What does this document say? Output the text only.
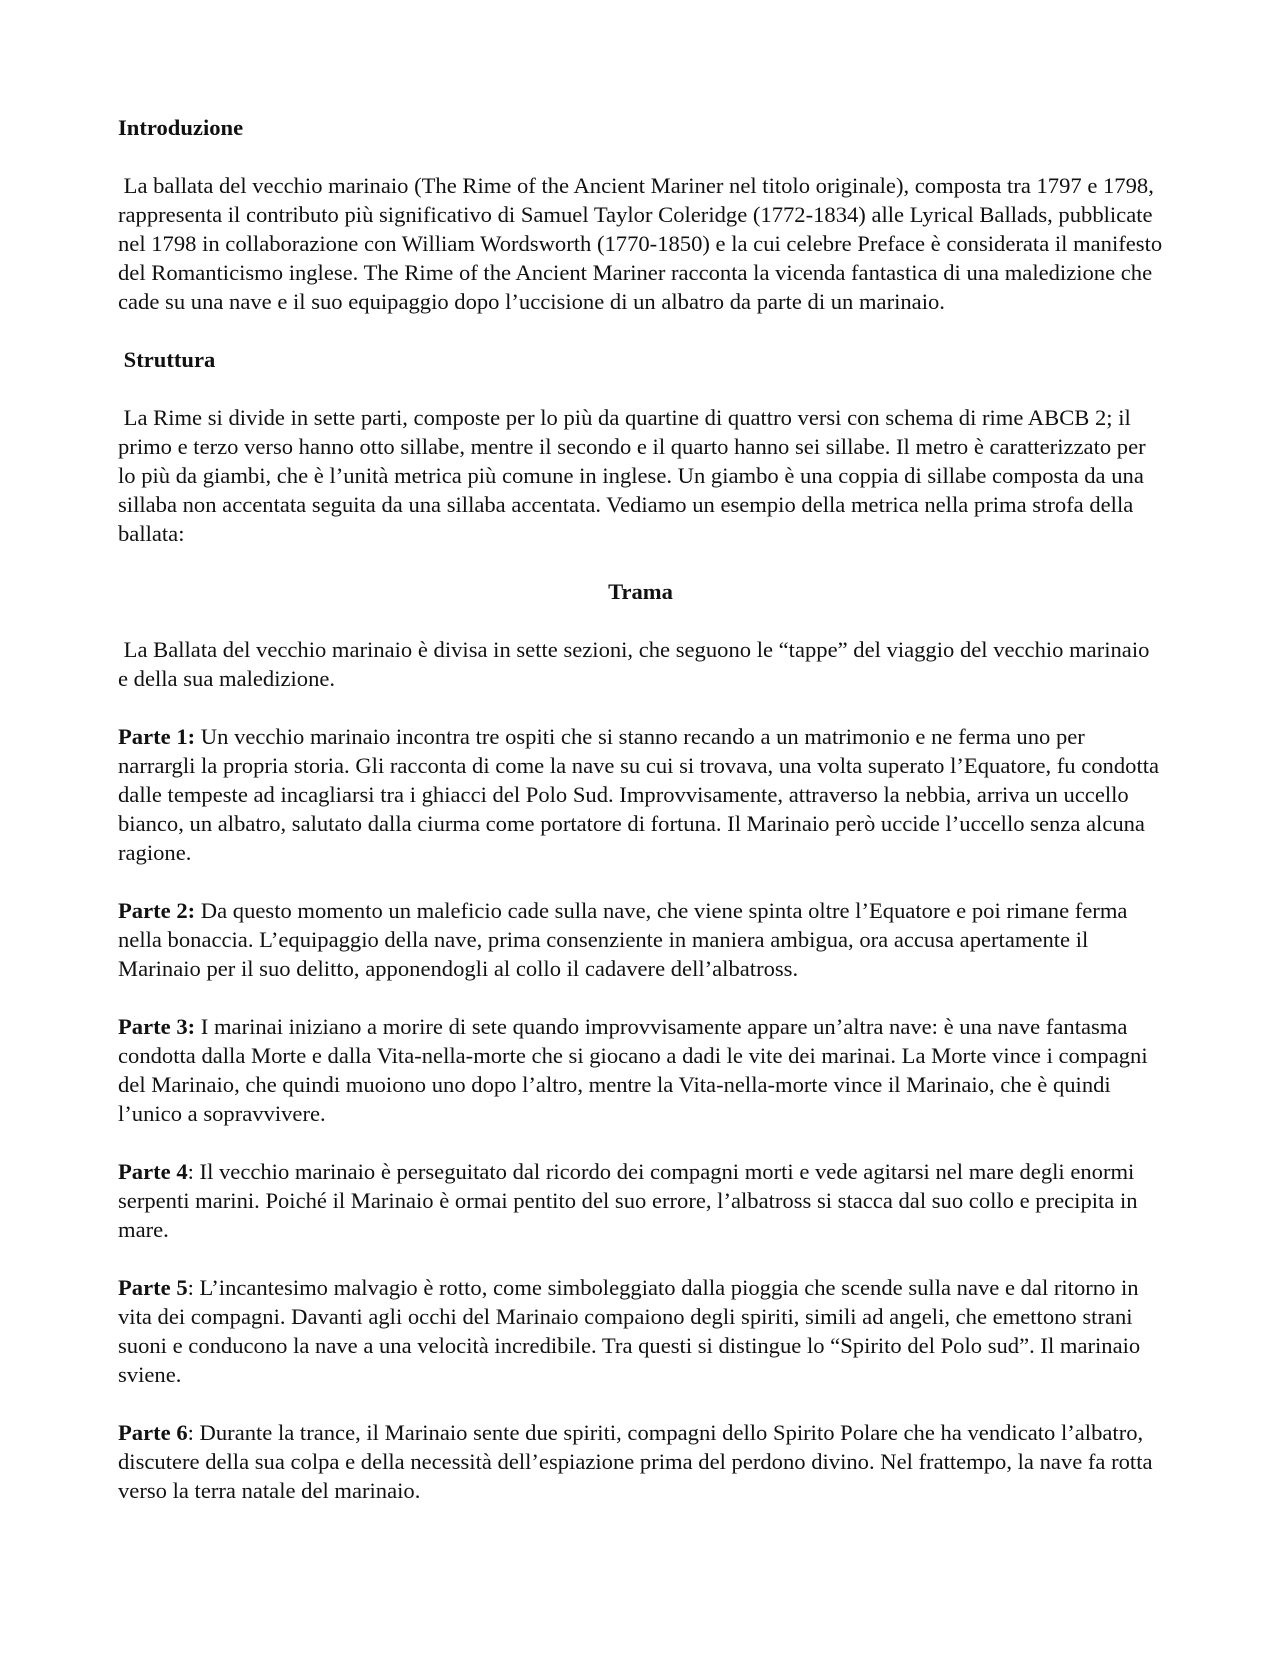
Introduzione

La ballata del vecchio marinaio (The Rime of the Ancient Mariner nel titolo originale), composta tra 1797 e 1798, rappresenta il contributo più significativo di Samuel Taylor Coleridge (1772-1834) alle Lyrical Ballads, pubblicate nel 1798 in collaborazione con William Wordsworth (1770-1850) e la cui celebre Preface è considerata il manifesto del Romanticismo inglese. The Rime of the Ancient Mariner racconta la vicenda fantastica di una maledizione che cade su una nave e il suo equipaggio dopo l’uccisione di un albatro da parte di un marinaio.

Struttura

La Rime si divide in sette parti, composte per lo più da quartine di quattro versi con schema di rime ABCB 2; il primo e terzo verso hanno otto sillabe, mentre il secondo e il quarto hanno sei sillabe. Il metro è caratterizzato per lo più da giambi, che è l’unità metrica più comune in inglese. Un giambo è una coppia di sillabe composta da una sillaba non accentata seguita da una sillaba accentata. Vediamo un esempio della metrica nella prima strofa della ballata:

Trama

La Ballata del vecchio marinaio è divisa in sette sezioni, che seguono le “tappe” del viaggio del vecchio marinaio e della sua maledizione.

Parte 1: Un vecchio marinaio incontra tre ospiti che si stanno recando a un matrimonio e ne ferma uno per narrargli la propria storia. Gli racconta di come la nave su cui si trovava, una volta superato l’Equatore, fu condotta dalle tempeste ad incagliarsi tra i ghiacci del Polo Sud. Improvvisamente, attraverso la nebbia, arriva un uccello bianco, un albatro, salutato dalla ciurma come portatore di fortuna. Il Marinaio però uccide l’uccello senza alcuna ragione.

Parte 2: Da questo momento un maleficio cade sulla nave, che viene spinta oltre l’Equatore e poi rimane ferma nella bonaccia. L’equipaggio della nave, prima consenziente in maniera ambigua, ora accusa apertamente il Marinaio per il suo delitto, apponendogli al collo il cadavere dell’albatross.

Parte 3: I marinai iniziano a morire di sete quando improvvisamente appare un’altra nave: è una nave fantasma condotta dalla Morte e dalla Vita-nella-morte che si giocano a dadi le vite dei marinai. La Morte vince i compagni del Marinaio, che quindi muoiono uno dopo l’altro, mentre la Vita-nella-morte vince il Marinaio, che è quindi l’unico a sopravvivere.

Parte 4: Il vecchio marinaio è perseguitato dal ricordo dei compagni morti e vede agitarsi nel mare degli enormi serpenti marini. Poiché il Marinaio è ormai pentito del suo errore, l’albatross si stacca dal suo collo e precipita in mare.

Parte 5: L’incantesimo malvagio è rotto, come simboleggiato dalla pioggia che scende sulla nave e dal ritorno in vita dei compagni. Davanti agli occhi del Marinaio compaiono degli spiriti, simili ad angeli, che emettono strani suoni e conducono la nave a una velocità incredibile. Tra questi si distingue lo “Spirito del Polo sud”. Il marinaio sviene.

Parte 6: Durante la trance, il Marinaio sente due spiriti, compagni dello Spirito Polare che ha vendicato l’albatro, discutere della sua colpa e della necessità dell’espiazione prima del perdono divino. Nel frattempo, la nave fa rotta verso la terra natale del marinaio.
